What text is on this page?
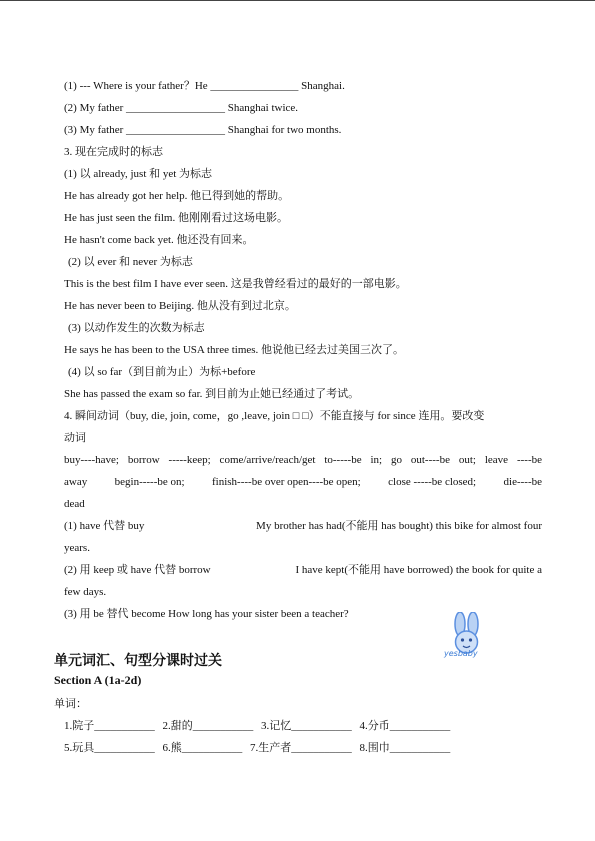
(1) --- Where is your father？He ________________ Shanghai.
(2) My father __________________ Shanghai twice.
(3) My father __________________ Shanghai for two months.
3. 现在完成时的标志
(1) 以 already, just 和 yet 为标志
He has already got her help. 他已得到她的帮助。
He has just seen the film. 他刚刚看过这场电影。
He hasn't come back yet. 他还没有回来。
(2) 以 ever 和 never 为标志
This is the best film I have ever seen. 这是我曾经看过的最好的一部电影。
He has never been to Beijing. 他从没有到过北京。
(3) 以动作发生的次数为标志
He says he has been to the USA three times. 他说他已经去过美国三次了。
(4) 以 so far（到目前为止）为标+before
She has passed the exam so far. 到目前为止她已经通过了考试。
4. 瞬间动词（buy, die, join, come，go ,leave, join □ □）不能直接与 for since 连用。要改变
动词
buy----have; borrow -----keep; come/arrive/reach/get to-----be in; go out----be out; leave ----be
away begin-----be on; finish----be over open----be open; close -----be closed; die----be
dead
(1) have 代替 buy	My brother has had(不能用 has bought) this bike for almost four
years.
(2) 用 keep 或 have 代替 borrow	I have kept(不能用 have borrowed) the book for quite a
few days.
(3) 用 be 替代 become How long has your sister been a teacher?
yesbaby
单元词汇、句型分课时过关
Section A (1a-2d)
单词：
1.院子___________ 2.甜的___________ 3.记忆___________ 4.分币___________
5.玩具___________ 6.熊___________ 7.生产者___________ 8.围巾___________
